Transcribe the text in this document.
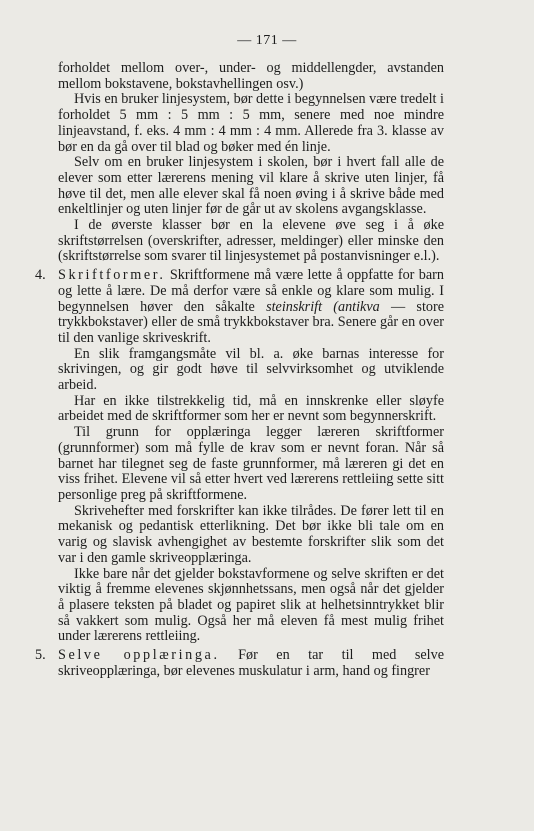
— 171 —

forholdet mellom over-, under- og middellengder, avstanden mellom bokstavene, bokstavhellingen osv.)

Hvis en bruker linjesystem, bør dette i begynnelsen være tredelt i forholdet 5 mm : 5 mm : 5 mm, senere med noe mindre linjeavstand, f. eks. 4 mm : 4 mm : 4 mm. Allerede fra 3. klasse av bør en da gå over til blad og bøker med én linje.

Selv om en bruker linjesystem i skolen, bør i hvert fall alle de elever som etter lærerens mening vil klare å skrive uten linjer, få høve til det, men alle elever skal få noen øving i å skrive både med enkeltlinjer og uten linjer før de går ut av skolens avgangsklasse.

I de øverste klasser bør en la elevene øve seg i å øke skriftstørrelsen (overskrifter, adresser, meldinger) eller minske den (skriftstørrelse som svarer til linjesystemet på postanvisninger e.l.).

4. Skriftformer. Skriftformene må være lette å oppfatte for barn og lette å lære. De må derfor være så enkle og klare som mulig. I begynnelsen høver den såkalte steinskrift (antikva — store trykkbokstaver) eller de små trykkbokstaver bra. Senere går en over til den vanlige skriveskrift.

En slik framgangsmåte vil bl. a. øke barnas interesse for skrivingen, og gir godt høve til selvvirksomhet og utviklende arbeid.

Har en ikke tilstrekkelig tid, må en innskrenke eller sløyfe arbeidet med de skriftformer som her er nevnt som begynnerskrift.

Til grunn for opplæringa legger læreren skriftformer (grunnformer) som må fylle de krav som er nevnt foran. Når så barnet har tilegnet seg de faste grunnformer, må læreren gi det en viss frihet. Elevene vil så etter hvert ved lærerens rettleiing sette sitt personlige preg på skriftformene.

Skrivehefter med forskrifter kan ikke tilrådes. De fører lett til en mekanisk og pedantisk etterlikning. Det bør ikke bli tale om en varig og slavisk avhengighet av bestemte forskrifter slik som det var i den gamle skriveopplæringa.

Ikke bare når det gjelder bokstavformene og selve skriften er det viktig å fremme elevenes skjønnhetssans, men også når det gjelder å plasere teksten på bladet og papiret slik at helhetsinntrykket blir så vakkert som mulig. Også her må eleven få mest mulig frihet under lærerens rettleiing.

5. Selve opplæringa. Før en tar til med selve skriveopplæringa, bør elevenes muskulatur i arm, hand og fingrer
